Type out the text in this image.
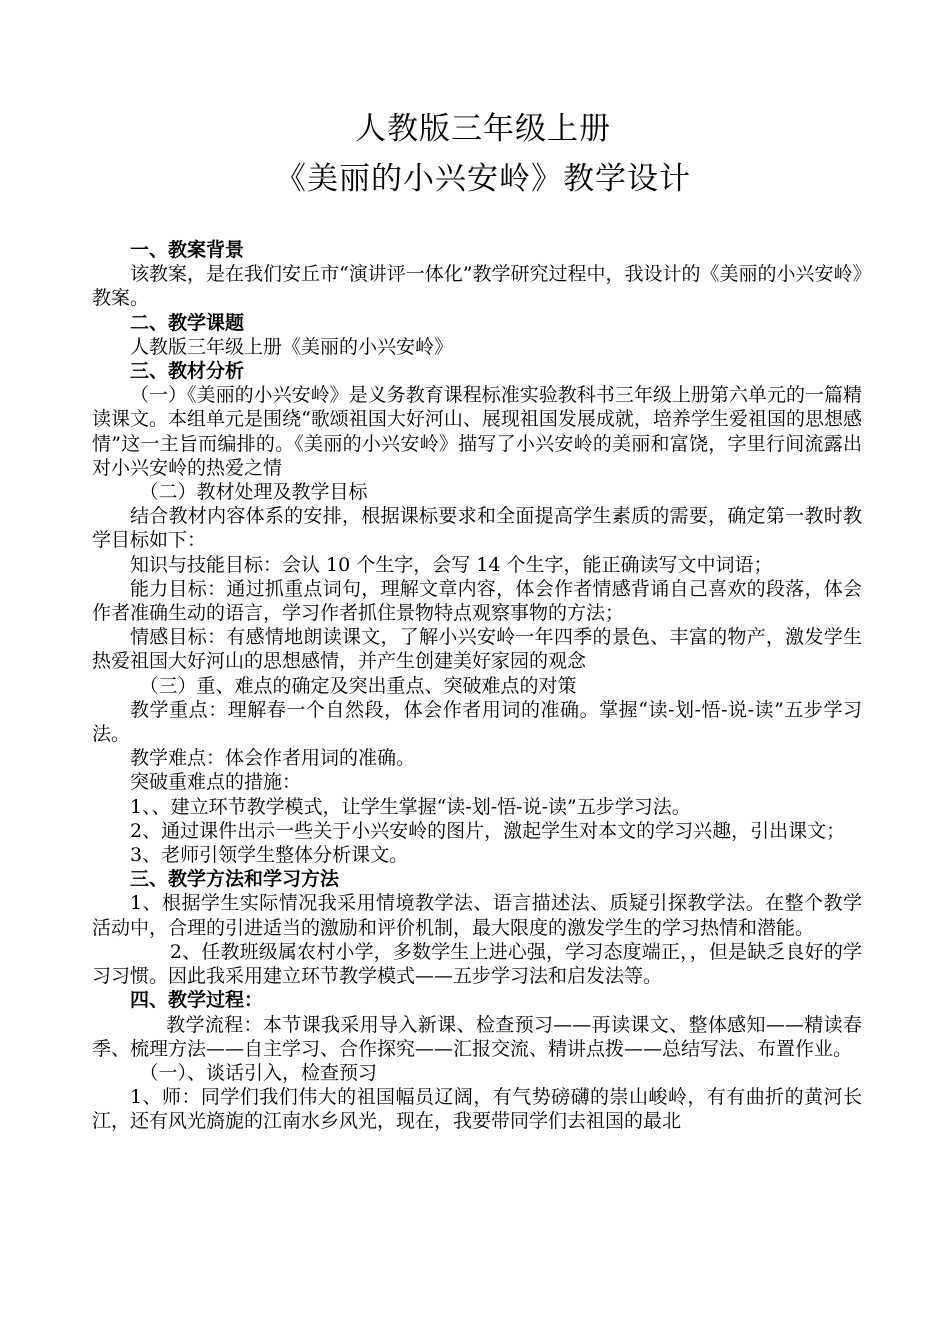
人教版三年级上册
《美丽的小兴安岭》教学设计

一、教案背景

该教案，是在我们安丘市“演讲评一体化”教学研究过程中，我设计的《美丽的小兴安岭》教案。

二、教学课题

人教版三年级上册《美丽的小兴安岭》

三、教材分析

（一）《美丽的小兴安岭》是义务教育课程标准实验教科书三年级上册第六单元的一篇精读课文。本组单元是围绕“歌颂祖国大好河山、展现祖国发展成就，培养学生爱祖国的思想感情”这一主旨而编排的。《美丽的小兴安岭》描写了小兴安岭的美丽和富饶，字里行间流露出对小兴安岭的热爱之情

（二）教材处理及教学目标

结合教材内容体系的安排，根据课标要求和全面提高学生素质的需要，确定第一教时教学目标如下：

知识与技能目标：会认 10 个生字，会写 14 个生字，能正确读写文中词语；

能力目标：通过抓重点词句，理解文章内容，体会作者情感背诵自己喜欢的段落，体会作者准确生动的语言，学习作者抓住景物特点观察事物的方法；

情感目标：有感情地朗读课文，了解小兴安岭一年四季的景色、丰富的物产，激发学生热爱祖国大好河山的思想感情，并产生创建美好家园的观念

（三）重、难点的确定及突出重点、突破难点的对策

教学重点：理解春一个自然段，体会作者用词的准确。掌握“读-划-悟-说-读”五步学习法。

教学难点：体会作者用词的准确。

突破重难点的措施：

1、、建立环节教学模式，让学生掌握“读-划-悟-说-读”五步学习法。

2、通过课件出示一些关于小兴安岭的图片，激起学生对本文的学习兴趣，引出课文；

3、老师引领学生整体分析课文。

三、教学方法和学习方法

1、根据学生实际情况我采用情境教学法、语言描述法、质疑引探教学法。在整个教学活动中，合理的引进适当的激励和评价机制，最大限度的激发学生的学习热情和潜能。

2、任教班级属农村小学，多数学生上进心强，学习态度端正，，但是缺乏良好的学习习惯。因此我采用建立环节教学模式——五步学习法和启发法等。

四、教学过程：

教学流程：本节课我采用导入新课、检查预习——再读课文、整体感知——精读春季、梳理方法——自主学习、合作探究——汇报交流、精讲点拨——总结写法、布置作业。

（一）、谈话引入，检查预习

1、师：同学们我们伟大的祖国幅员辽阔，有气势磅礴的崇山峻岭，有有曲折的黄河长江，还有风光旖旎的江南水乡风光，现在，我要带同学们去祖国的最北
